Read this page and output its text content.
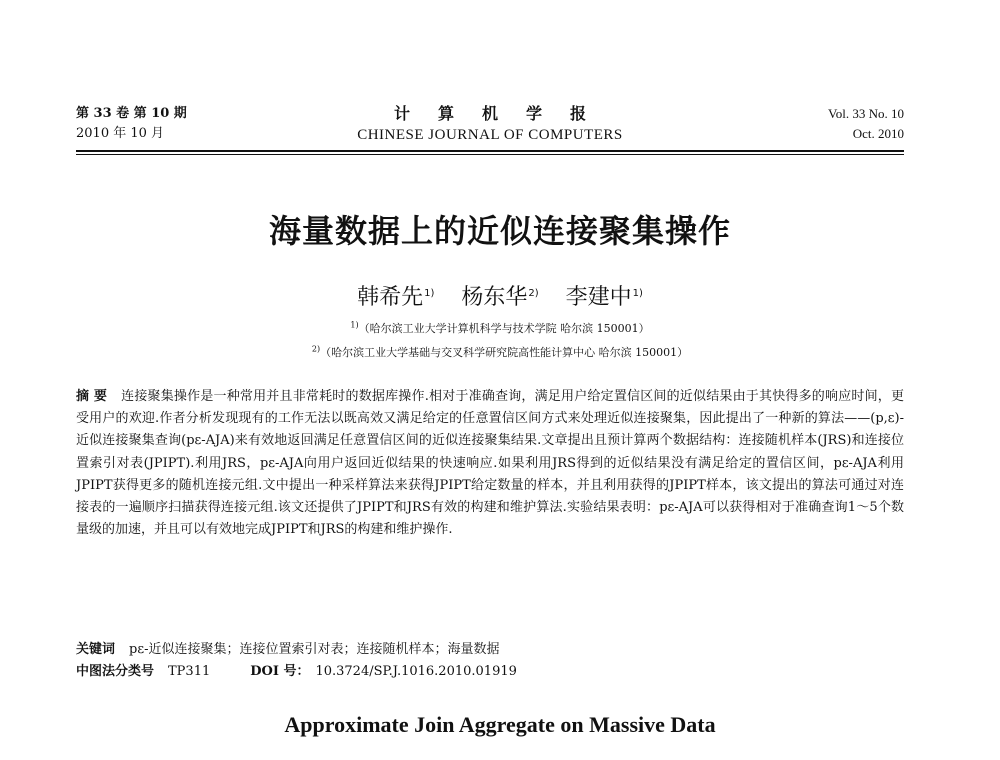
第 33 卷 第 10 期
2010 年 10 月
计算机学报
CHINESE JOURNAL OF COMPUTERS
Vol. 33 No. 10
Oct. 2010
海量数据上的近似连接聚集操作
韩希先$^{1)}$ 杨东华$^{2)}$ 李建中$^{1)}$
$^{1)}$（哈尔滨工业大学计算机科学与技术学院 哈尔滨 150001）
$^{2)}$（哈尔滨工业大学基础与交叉科学研究院高性能计算中心 哈尔滨 150001）
摘 要 连接聚集操作是一种常用并且非常耗时的数据库操作.相对于准确查询，满足用户给定置信区间的近似结果由于其快得多的响应时间，更受用户的欢迎.作者分析发现现有的工作无法以既高效又满足给定的任意置信区间方式来处理近似连接聚集，因此提出了一种新的算法——(p,ε)-近似连接聚集查询(pε-AJA)来有效地返回满足任意置信区间的近似连接聚集结果.文章提出且预计算两个数据结构：连接随机样本(JRS)和连接位置索引对表(JPIPT).利用JRS，pε-AJA向用户返回近似结果的快速响应.如果利用JRS得到的近似结果没有满足给定的置信区间，pε-AJA利用JPIPT获得更多的随机连接元组.文中提出一种采样算法来获得JPIPT给定数量的样本，并且利用获得的JPIPT样本，该文提出的算法可通过对连接表的一遍顺序扫描获得连接元组.该文还提供了JPIPT和JRS有效的构建和维护算法.实验结果表明：pε-AJA可以获得相对于准确查询1～5个数量级的加速，并且可以有效地完成JPIPT和JRS的构建和维护操作.
关键词 pε-近似连接聚集；连接位置索引对表；连接随机样本；海量数据
中图法分类号 TP311	DOI 号： 10.3724/SP.J.1016.2010.01919
Approximate Join Aggregate on Massive Data
